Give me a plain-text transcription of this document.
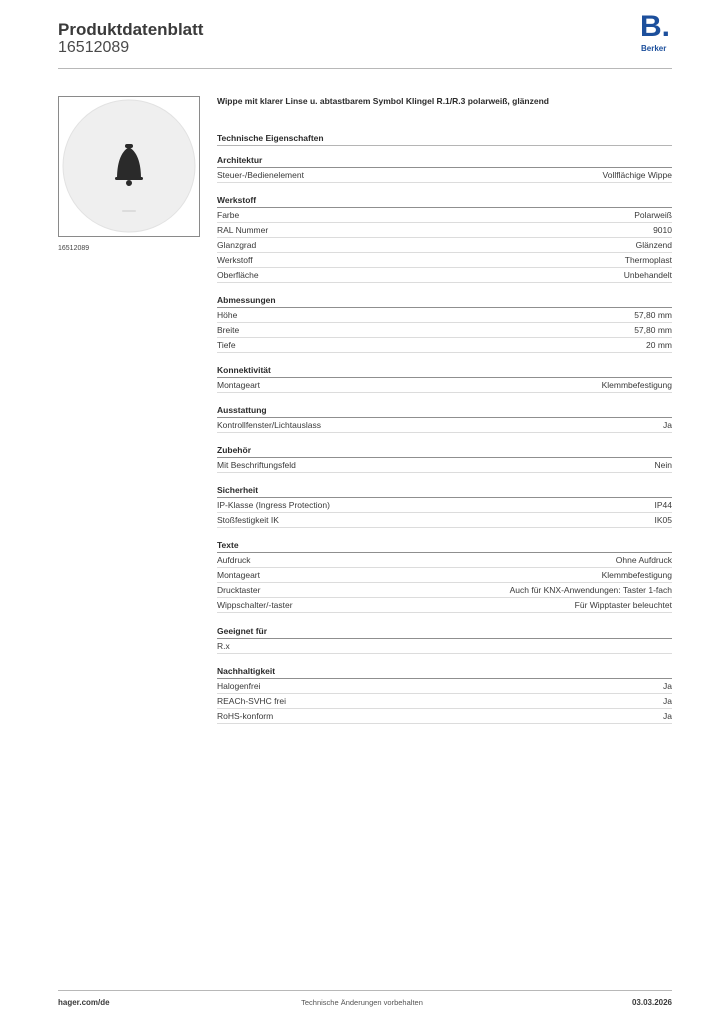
Produktdatenblatt
16512089
B.
Berker
16512089
Wippe mit klarer Linse u. abtastbarem Symbol Klingel R.1/R.3 polarweiß, glänzend
Technische Eigenschaften
Architektur
Steuer-/Bedienelement	Vollflächige Wippe
Werkstoff
Farbe	Polarweiß
RAL Nummer	9010
Glanzgrad	Glänzend
Werkstoff	Thermoplast
Oberfläche	Unbehandelt
Abmessungen
Höhe	57,80 mm
Breite	57,80 mm
Tiefe	20 mm
Konnektivität
Montageart	Klemmbefestigung
Ausstattung
Kontrollfenster/Lichtauslass	Ja
Zubehör
Mit Beschriftungsfeld	Nein
Sicherheit
IP-Klasse (Ingress Protection)	IP44
Stoßfestigkeit IK	IK05
Texte
Aufdruck	Ohne Aufdruck
Montageart	Klemmbefestigung
Drucktaster	Auch für KNX-Anwendungen: Taster 1-fach
Wippschalter/-taster	Für Wipptaster beleuchtet
Geeignet für
R.x
Nachhaltigkeit
Halogenfrei	Ja
REACh-SVHC frei	Ja
RoHS-konform	Ja
hager.com/de	Technische Änderungen vorbehalten	03.03.2026
